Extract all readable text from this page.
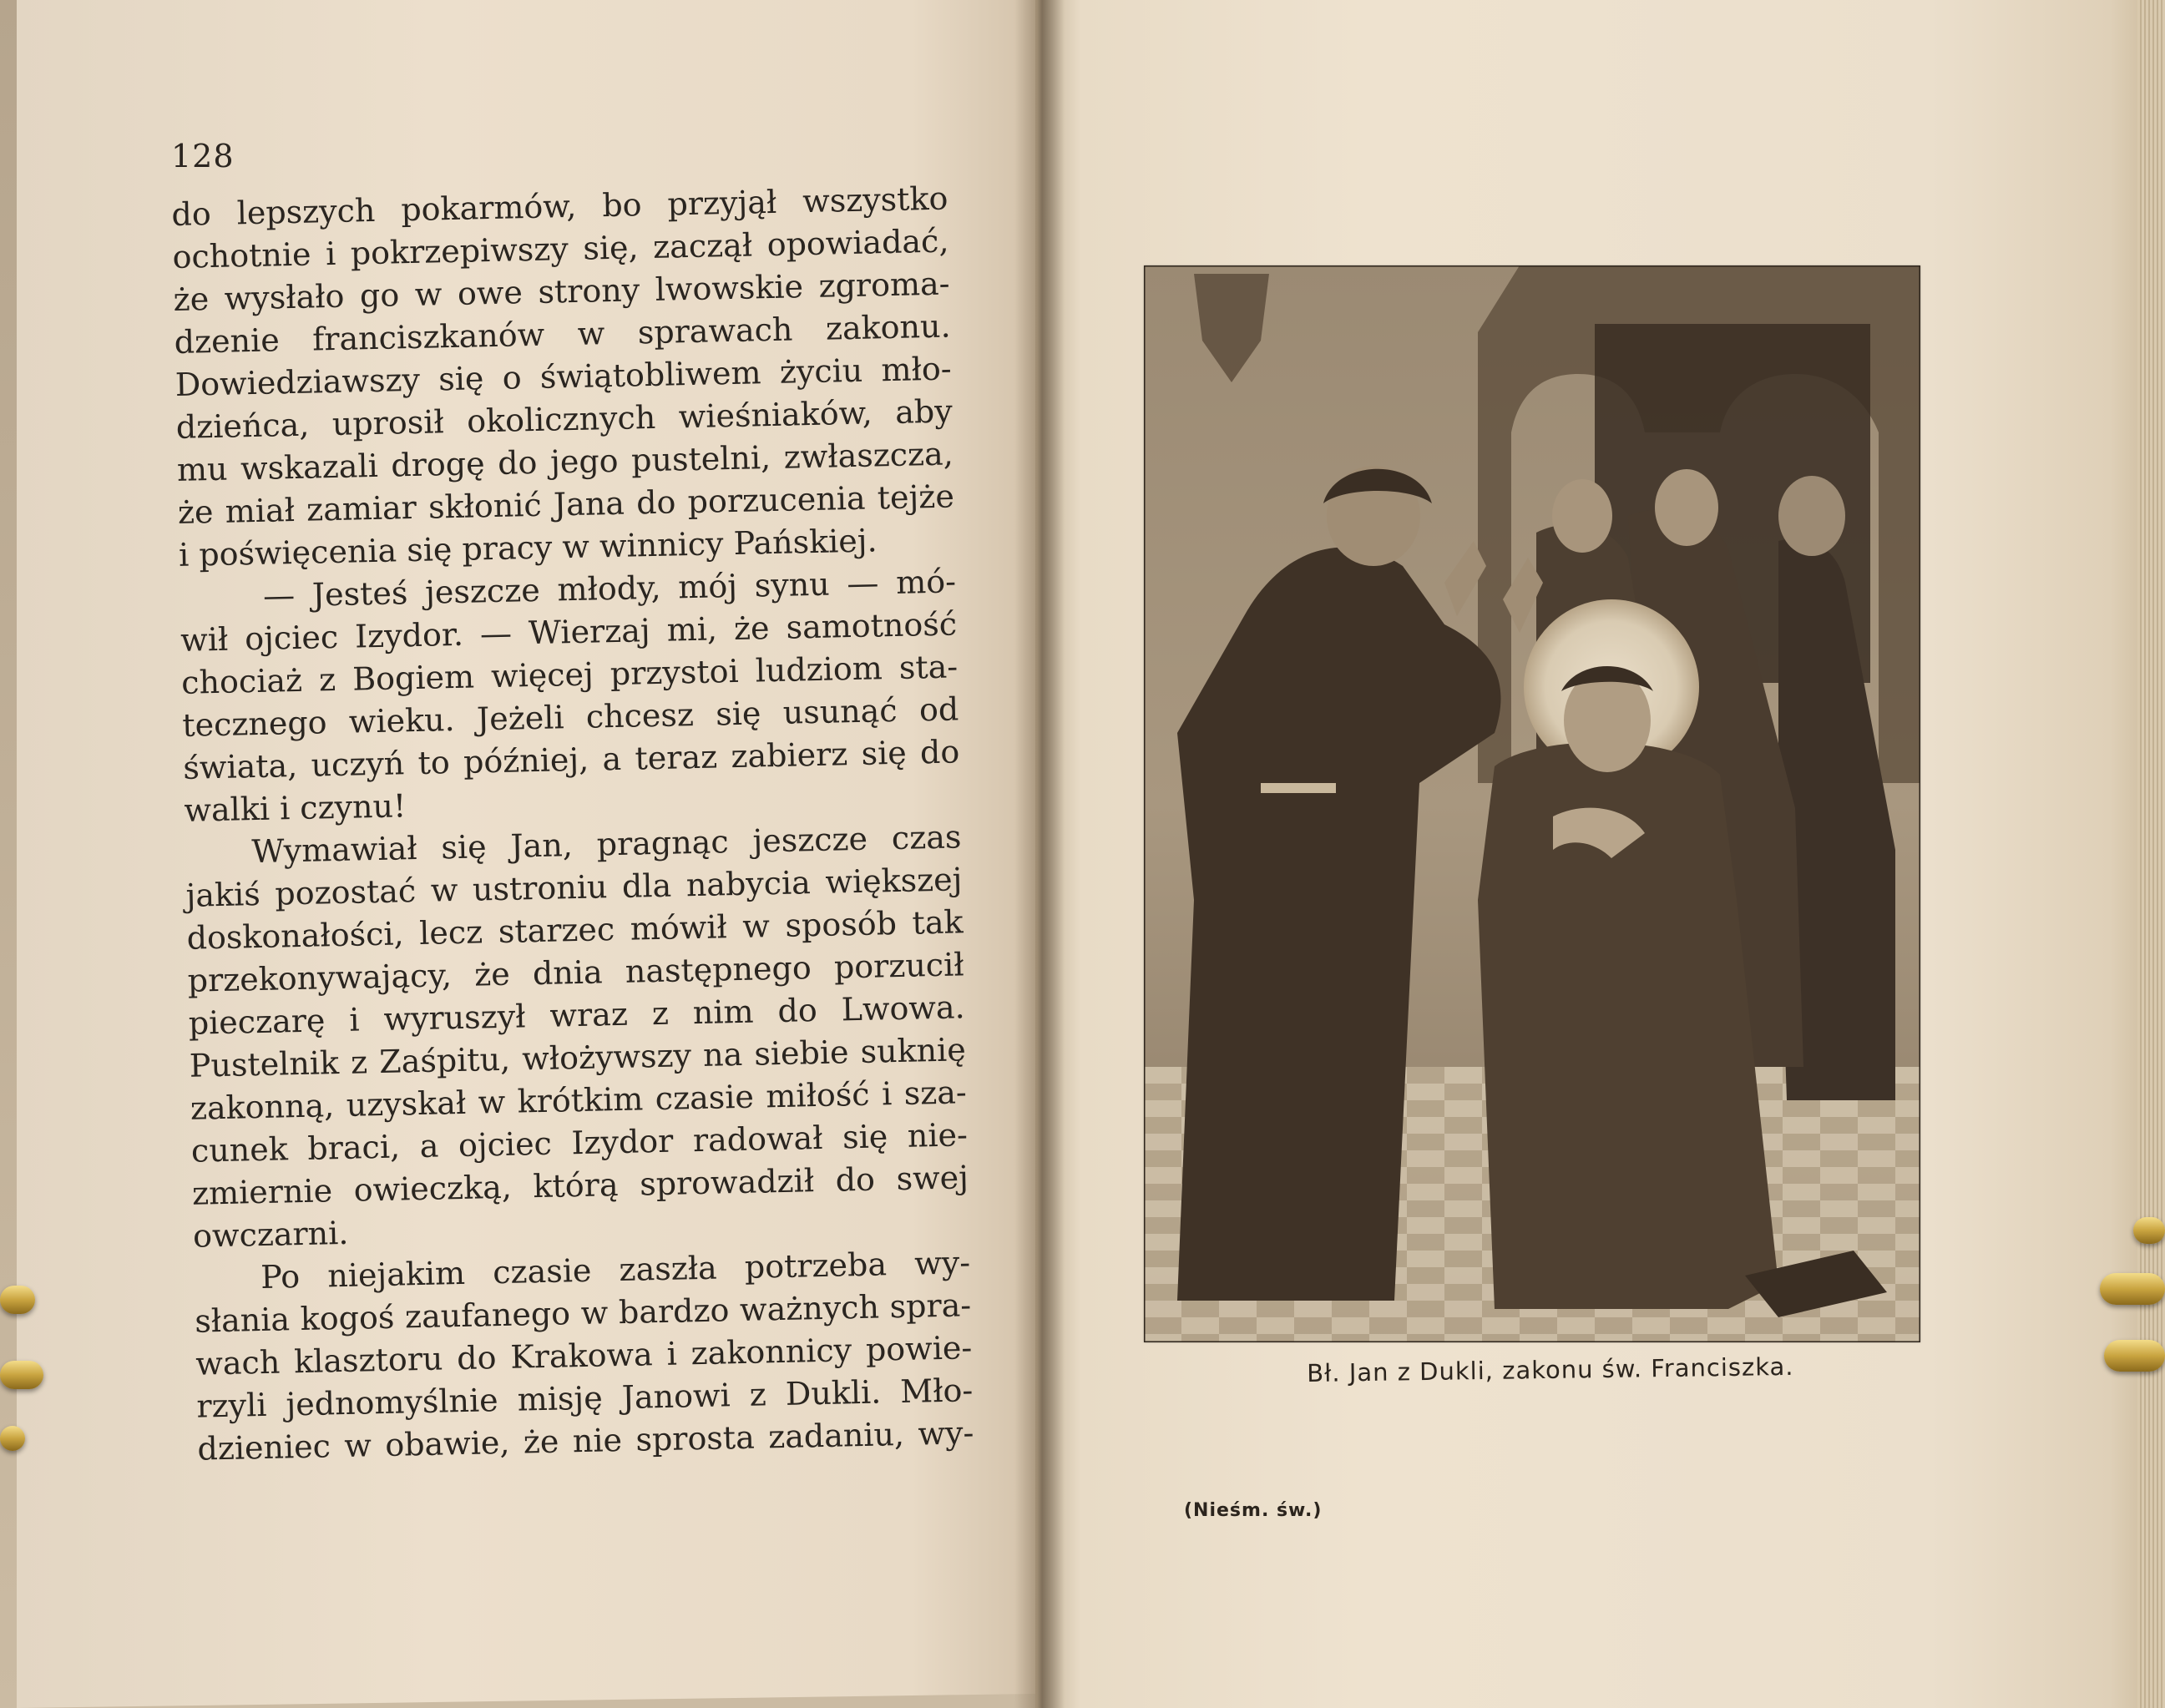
128
do lepszych pokarmów, bo przyjął wszystko
ochotnie i pokrzepiwszy się, zaczął opowiadać,
że wysłało go w owe strony lwowskie zgroma-
dzenie franciszkanów w sprawach zakonu.
Dowiedziawszy się o świątobliwem życiu mło-
dzieńca, uprosił okolicznych wieśniaków, aby
mu wskazali drogę do jego pustelni, zwłaszcza,
że miał zamiar skłonić Jana do porzucenia tejże
i poświęcenia się pracy w winnicy Pańskiej.
— Jesteś jeszcze młody, mój synu — mó-
wił ojciec Izydor. — Wierzaj mi, że samotność
chociaż z Bogiem więcej przystoi ludziom sta-
tecznego wieku. Jeżeli chcesz się usunąć od
świata, uczyń to później, a teraz zabierz się do
walki i czynu!
Wymawiał się Jan, pragnąc jeszcze czas
jakiś pozostać w ustroniu dla nabycia większej
doskonałości, lecz starzec mówił w sposób tak
przekonywający, że dnia następnego porzucił
pieczarę i wyruszył wraz z nim do Lwowa.
Pustelnik z Zaśpitu, włożywszy na siebie suknię
zakonną, uzyskał w krótkim czasie miłość i sza-
cunek braci, a ojciec Izydor radował się nie-
zmiernie owieczką, którą sprowadził do swej
owczarni.
Po niejakim czasie zaszła potrzeba wy-
słania kogoś zaufanego w bardzo ważnych spra-
wach klasztoru do Krakowa i zakonnicy powie-
rzyli jednomyślnie misję Janowi z Dukli. Mło-
dzieniec w obawie, że nie sprosta zadaniu, wy-
Bł. Jan z Dukli, zakonu św. Franciszka.
(Nieśm. św.)
